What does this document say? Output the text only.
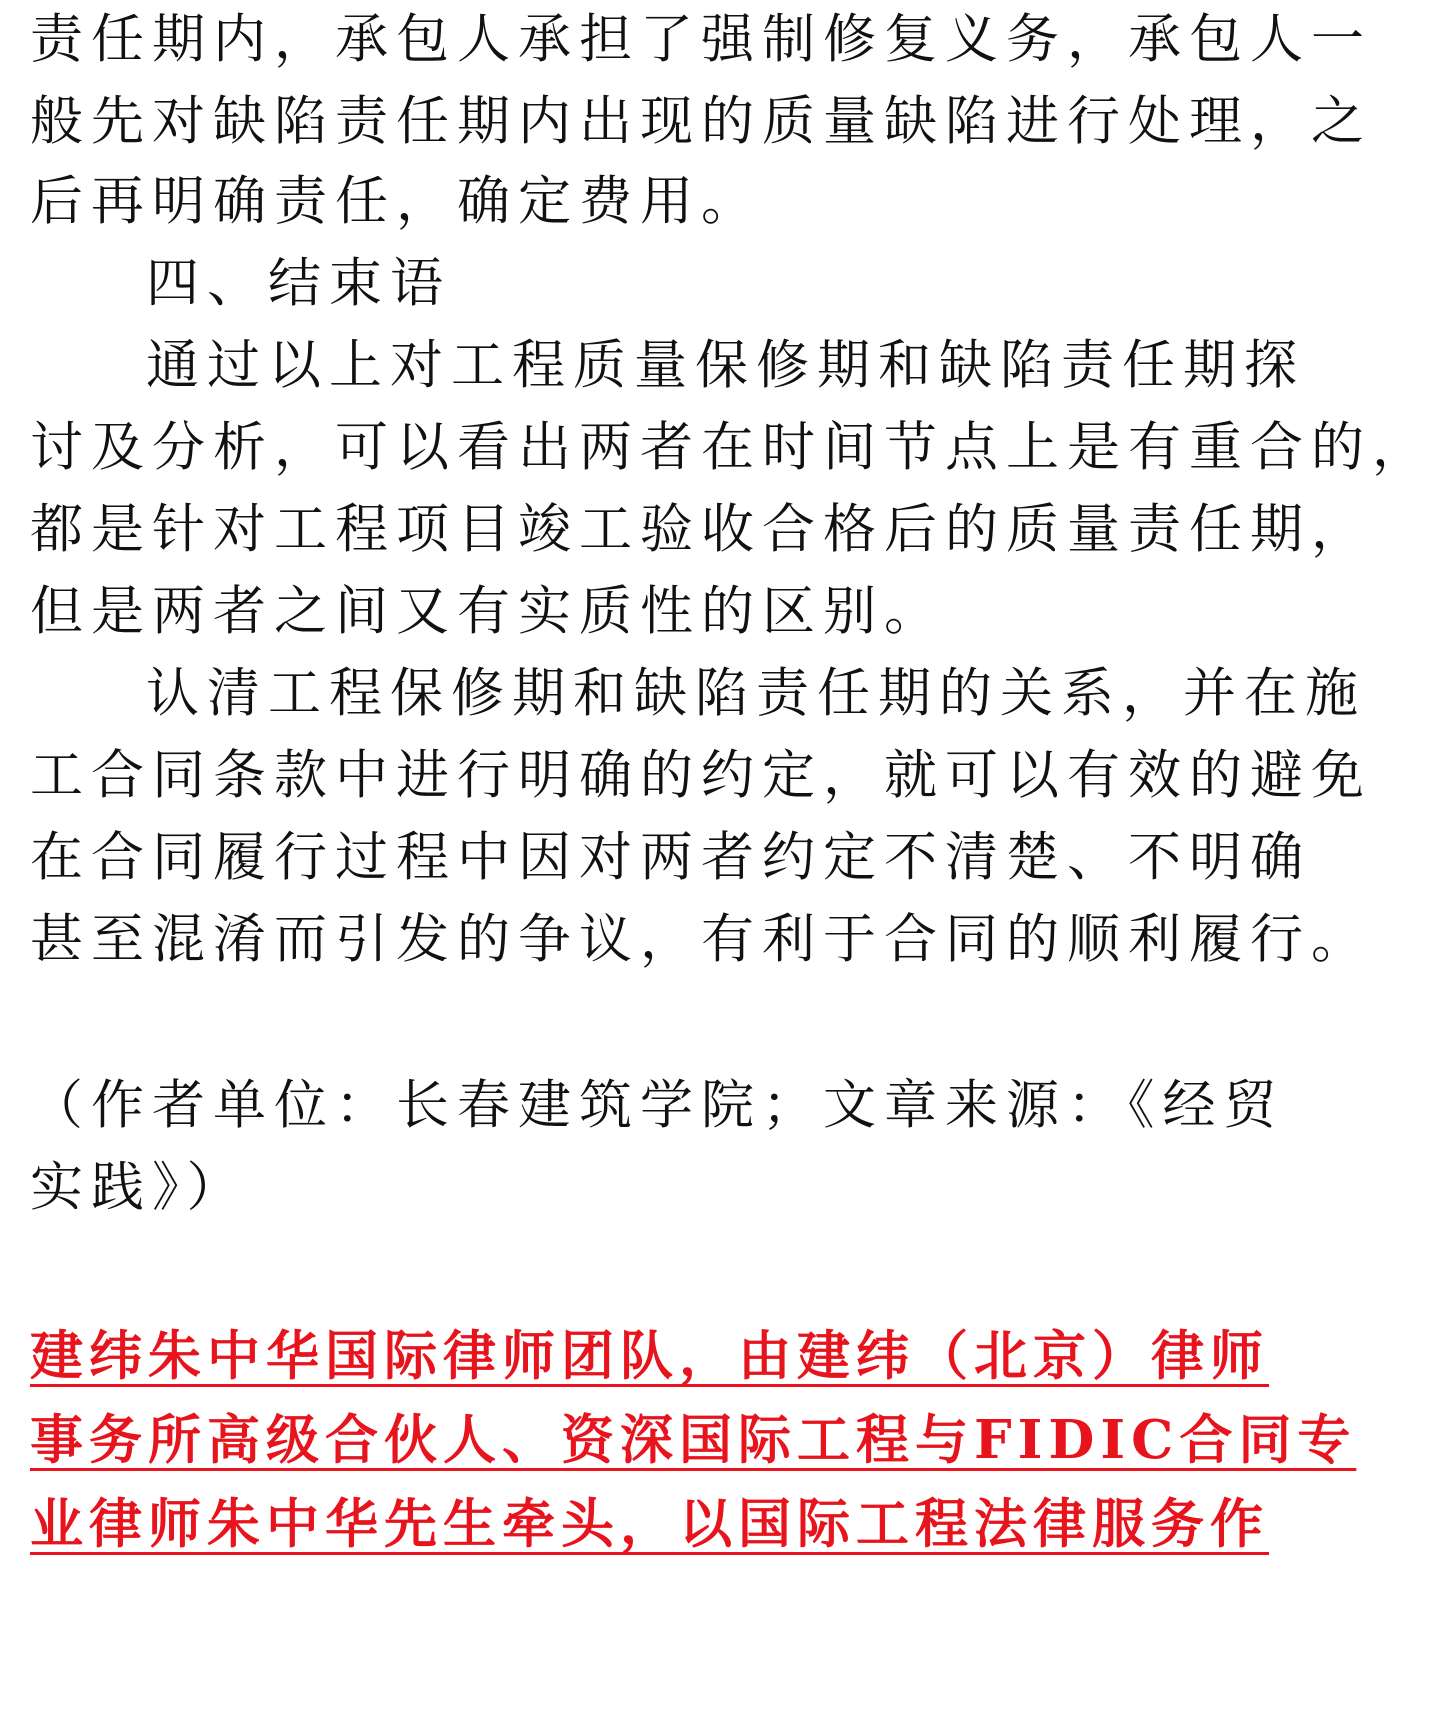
责任期内，承包人承担了强制修复义务，承包人一
般先对缺陷责任期内出现的质量缺陷进行处理，之
后再明确责任，确定费用。
四、结束语
通过以上对工程质量保修期和缺陷责任期探
讨及分析，可以看出两者在时间节点上是有重合的，
都是针对工程项目竣工验收合格后的质量责任期，
但是两者之间又有实质性的区别。
认清工程保修期和缺陷责任期的关系，并在施
工合同条款中进行明确的约定，就可以有效的避免
在合同履行过程中因对两者约定不清楚、不明确
甚至混淆而引发的争议，有利于合同的顺利履行。
（作者单位：长春建筑学院；文章来源：《经贸
实践》）
建纬朱中华国际律师团队，由建纬（北京）律师
事务所高级合伙人、资深国际工程与FIDIC合同专
业律师朱中华先生牵头，以国际工程法律服务作
